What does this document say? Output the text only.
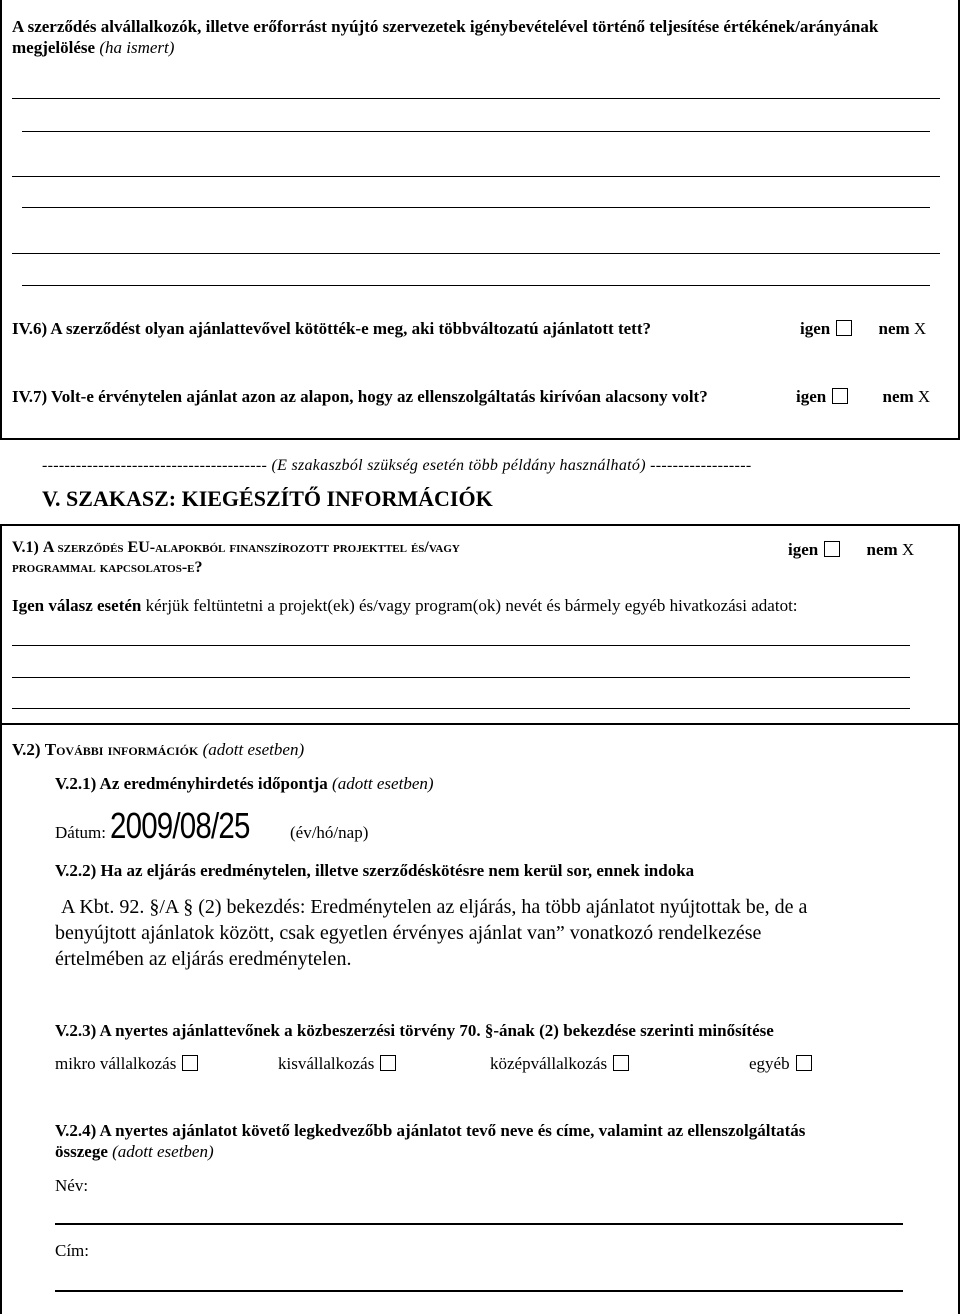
A szerződés alvállalkozók, illetve erőforrást nyújtó szervezetek igénybevételével történő teljesítése értékének/arányának megjelölése (ha ismert)
IV.6) A szerződést olyan ajánlattevővel kötötték-e meg, aki többváltozatú ajánlatott tett?	igen	nem X
IV.7) Volt-e érvénytelen ajánlat azon az alapon, hogy az ellenszolgáltatás kirívóan alacsony volt?	igen	nem X
---------------------------------------- (E szakaszból szükség esetén több példány használható) ------------------
V. SZAKASZ: KIEGÉSZÍTŐ INFORMÁCIÓK
V.1) A szerződés EU-alapokból finanszírozott projekttel és/vagy
programmal kapcsolatos-e?
igen	nem X
Igen válasz esetén kérjük feltüntetni a projekt(ek) és/vagy program(ok) nevét és bármely egyéb hivatkozási adatot:
V.2) További információk (adott esetben)
V.2.1) Az eredményhirdetés időpontja (adott esetben)
Dátum: 2009/08/25 (év/hó/nap)
V.2.2) Ha az eljárás eredménytelen, illetve szerződéskötésre nem kerül sor, ennek indoka
A Kbt. 92. §/A § (2) bekezdés: Eredménytelen az eljárás, ha több ajánlatot nyújtottak be, de a
benyújtott ajánlatok között, csak egyetlen érvényes ajánlat van” vonatkozó rendelkezése
értelmében az eljárás eredménytelen.
V.2.3) A nyertes ajánlattevőnek a közbeszerzési törvény 70. §-ának (2) bekezdése szerinti minősítése
mikro vállalkozás	kisvállalkozás	középvállalkozás	egyéb
V.2.4) A nyertes ajánlatot követő legkedvezőbb ajánlatot tevő neve és címe, valamint az ellenszolgáltatás
összege (adott esetben)
Név:
Cím:
